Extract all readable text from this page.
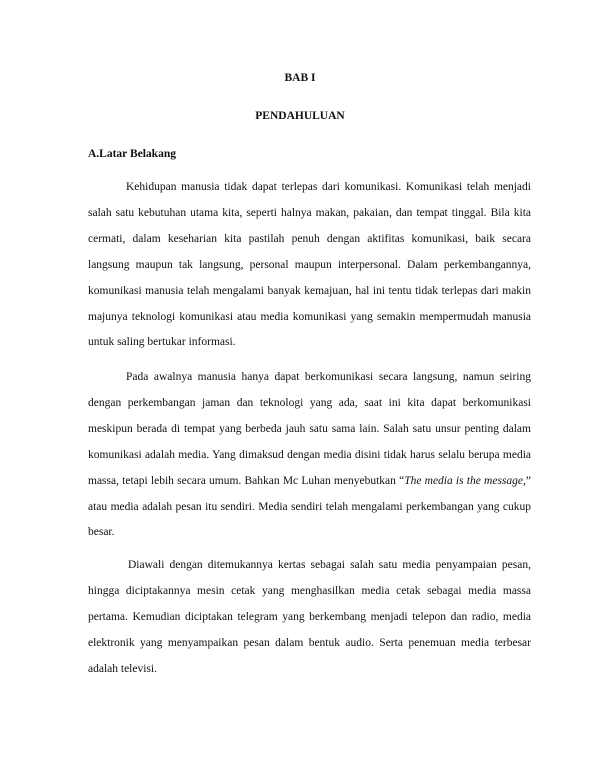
BAB I
PENDAHULUAN
A.Latar Belakang

Kehidupan manusia tidak dapat terlepas dari komunikasi. Komunikasi telah menjadi salah satu kebutuhan utama kita, seperti halnya makan, pakaian, dan tempat tinggal. Bila kita cermati, dalam keseharian kita pastilah penuh dengan aktifitas komunikasi, baik secara langsung maupun tak langsung, personal maupun interpersonal. Dalam perkembangannya, komunikasi manusia telah mengalami banyak kemajuan, hal ini tentu tidak terlepas dari makin majunya teknologi komunikasi atau media komunikasi yang semakin mempermudah manusia untuk saling bertukar informasi.

Pada awalnya manusia hanya dapat berkomunikasi secara langsung, namun seiring dengan perkembangan jaman dan teknologi yang ada, saat ini kita dapat berkomunikasi meskipun berada di tempat yang berbeda jauh satu sama lain. Salah satu unsur penting dalam komunikasi adalah media. Yang dimaksud dengan media disini tidak harus selalu berupa media massa, tetapi lebih secara umum. Bahkan Mc Luhan menyebutkan “The media is the message,” atau media adalah pesan itu sendiri. Media sendiri telah mengalami perkembangan yang cukup besar.

Diawali dengan ditemukannya kertas sebagai salah satu media penyampaian pesan, hingga diciptakannya mesin cetak yang menghasilkan media cetak sebagai media massa pertama. Kemudian diciptakan telegram yang berkembang menjadi telepon dan radio, media elektronik yang menyampaikan pesan dalam bentuk audio. Serta penemuan media terbesar adalah televisi.
